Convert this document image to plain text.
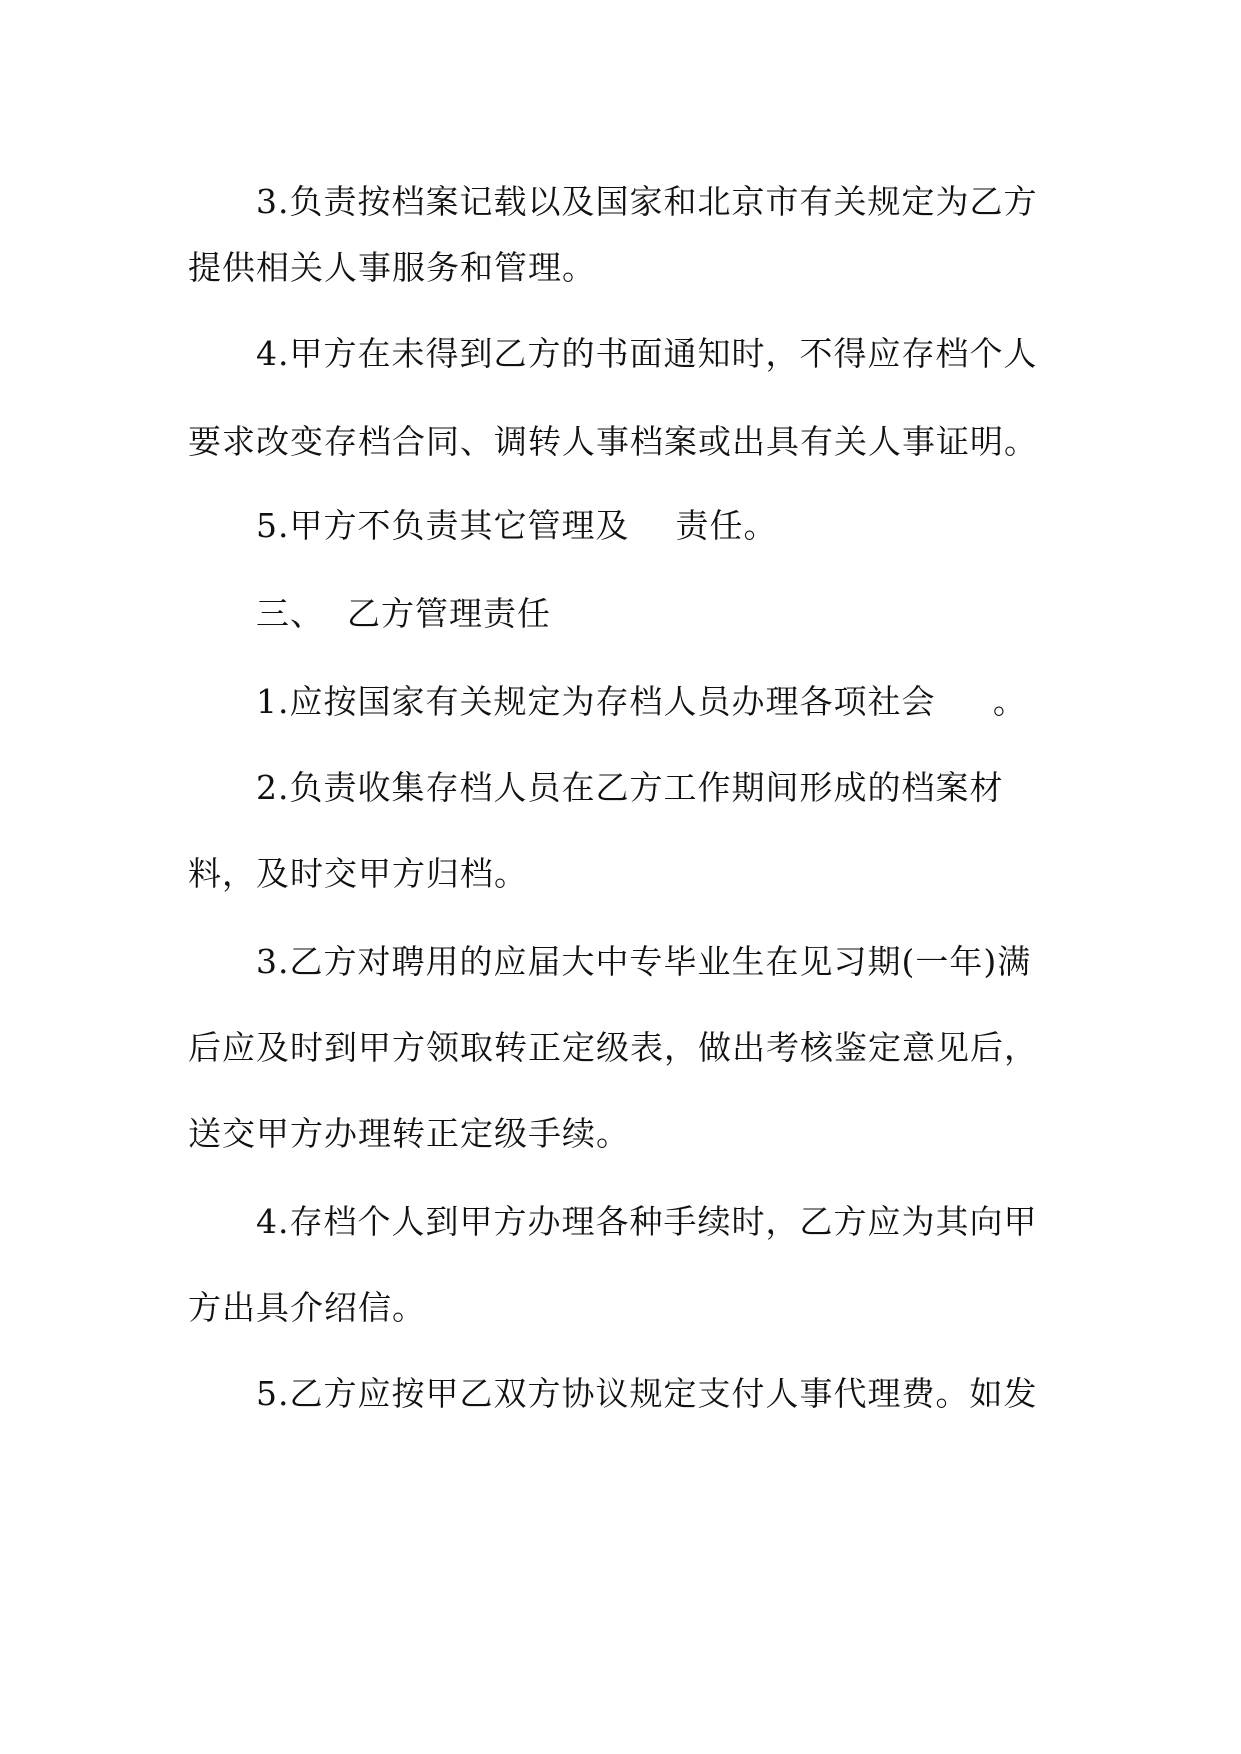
3.负责按档案记载以及国家和北京市有关规定为乙方
提供相关人事服务和管理。
4.甲方在未得到乙方的书面通知时，不得应存档个人
要求改变存档合同、调转人事档案或出具有关人事证明。
5.甲方不负责其它管理及    责任。
三、  乙方管理责任
1.应按国家有关规定为存档人员办理各项社会     。
2.负责收集存档人员在乙方工作期间形成的档案材
料，及时交甲方归档。
3.乙方对聘用的应届大中专毕业生在见习期(一年)满
后应及时到甲方领取转正定级表，做出考核鉴定意见后，
送交甲方办理转正定级手续。
4.存档个人到甲方办理各种手续时，乙方应为其向甲
方出具介绍信。
5.乙方应按甲乙双方协议规定支付人事代理费。如发
